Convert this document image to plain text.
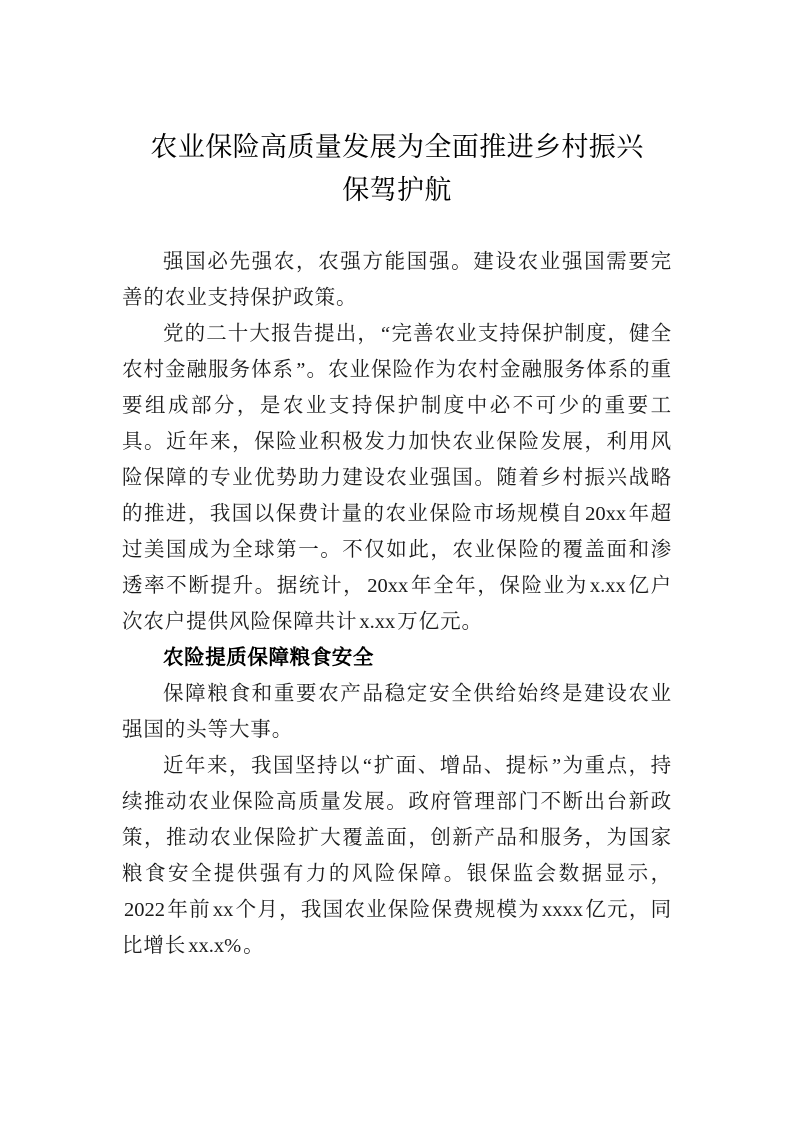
农业保险高质量发展为全面推进乡村振兴
保驾护航

强国必先强农，农强方能国强。建设农业强国需要完善的农业支持保护政策。

党的二十大报告提出，“完善农业支持保护制度，健全农村金融服务体系”。农业保险作为农村金融服务体系的重要组成部分，是农业支持保护制度中必不可少的重要工具。近年来，保险业积极发力加快农业保险发展，利用风险保障的专业优势助力建设农业强国。随着乡村振兴战略的推进，我国以保费计量的农业保险市场规模自20xx年超过美国成为全球第一。不仅如此，农业保险的覆盖面和渗透率不断提升。据统计，20xx年全年，保险业为x.xx亿户次农户提供风险保障共计x.xx万亿元。

农险提质保障粮食安全

保障粮食和重要农产品稳定安全供给始终是建设农业强国的头等大事。

近年来，我国坚持以“扩面、增品、提标”为重点，持续推动农业保险高质量发展。政府管理部门不断出台新政策，推动农业保险扩大覆盖面，创新产品和服务，为国家粮食安全提供强有力的风险保障。银保监会数据显示，2022年前xx个月，我国农业保险保费规模为xxxx亿元，同比增长xx.x%。
